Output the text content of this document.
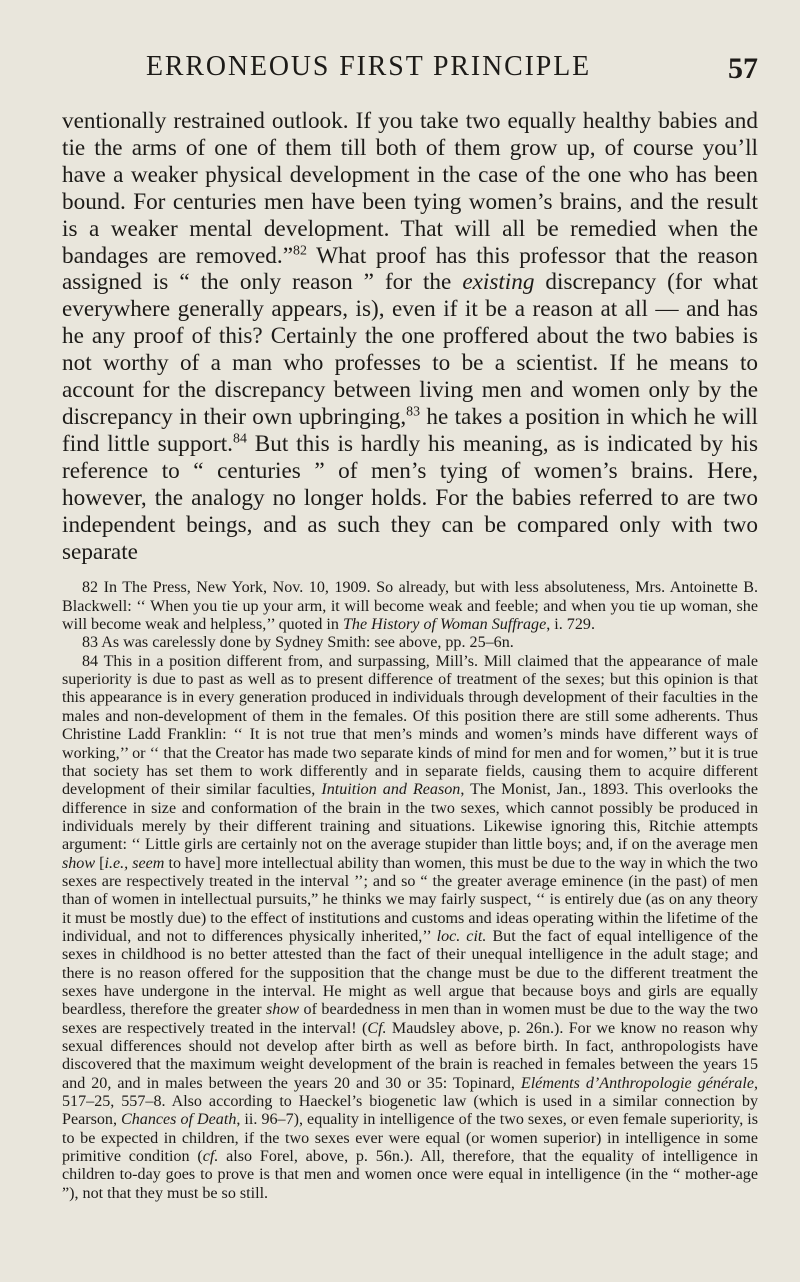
ERRONEOUS FIRST PRINCIPLE	57

ventionally restrained outlook. If you take two equally healthy babies and tie the arms of one of them till both of them grow up, of course you’ll have a weaker physical development in the case of the one who has been bound. For centuries men have been tying women’s brains, and the result is a weaker mental development. That will all be remedied when the bandages are removed.”$^{82}$ What proof has this professor that the reason assigned is “ the only reason ” for the existing discrepancy (for what everywhere generally appears, is), even if it be a reason at all — and has he any proof of this? Certainly the one proffered about the two babies is not worthy of a man who professes to be a scientist. If he means to account for the discrepancy between living men and women only by the discrepancy in their own upbringing,$^{83}$ he takes a position in which he will find little support.$^{84}$ But this is hardly his meaning, as is indicated by his reference to “ centuries ” of men’s tying of women’s brains. Here, however, the analogy no longer holds. For the babies referred to are two independent beings, and as such they can be compared only with two separate

82 In The Press, New York, Nov. 10, 1909. So already, but with less absoluteness, Mrs. Antoinette B. Blackwell: ‘‘ When you tie up your arm, it will become weak and feeble; and when you tie up woman, she will become weak and helpless,’’ quoted in The History of Woman Suffrage, i. 729.

83 As was carelessly done by Sydney Smith: see above, pp. 25–6n.

84 This in a position different from, and surpassing, Mill’s. Mill claimed that the appearance of male superiority is due to past as well as to present difference of treatment of the sexes; but this opinion is that this appearance is in every generation produced in individuals through development of their faculties in the males and non-development of them in the females. Of this position there are still some adherents. Thus Christine Ladd Franklin: ‘‘ It is not true that men’s minds and women’s minds have different ways of working,’’ or ‘‘ that the Creator has made two separate kinds of mind for men and for women,’’ but it is true that society has set them to work differently and in separate fields, causing them to acquire different development of their similar faculties, Intuition and Reason, The Monist, Jan., 1893. This overlooks the difference in size and conformation of the brain in the two sexes, which cannot possibly be produced in individuals merely by their different training and situations. Likewise ignoring this, Ritchie attempts argument: ‘‘ Little girls are certainly not on the average stupider than little boys; and, if on the average men show [i.e., seem to have] more intellectual ability than women, this must be due to the way in which the two sexes are respectively treated in the interval ’’; and so “ the greater average eminence (in the past) of men than of women in intellectual pursuits,” he thinks we may fairly suspect, ‘‘ is entirely due (as on any theory it must be mostly due) to the effect of institutions and customs and ideas operating within the lifetime of the individual, and not to differences physically inherited,’’ loc. cit. But the fact of equal intelligence of the sexes in childhood is no better attested than the fact of their unequal intelligence in the adult stage; and there is no reason offered for the supposition that the change must be due to the different treatment the sexes have undergone in the interval. He might as well argue that because boys and girls are equally beardless, therefore the greater show of beardedness in men than in women must be due to the way the two sexes are respectively treated in the interval! (Cf. Maudsley above, p. 26n.). For we know no reason why sexual differences should not develop after birth as well as before birth. In fact, anthropologists have discovered that the maximum weight development of the brain is reached in females between the years 15 and 20, and in males between the years 20 and 30 or 35: Topinard, Eléments d’Anthropologie générale, 517–25, 557–8. Also according to Haeckel’s biogenetic law (which is used in a similar connection by Pearson, Chances of Death, ii. 96–7), equality in intelligence of the two sexes, or even female superiority, is to be expected in children, if the two sexes ever were equal (or women superior) in intelligence in some primitive condition (cf. also Forel, above, p. 56n.). All, therefore, that the equality of intelligence in children to-day goes to prove is that men and women once were equal in intelligence (in the “ mother-age ”), not that they must be so still.
